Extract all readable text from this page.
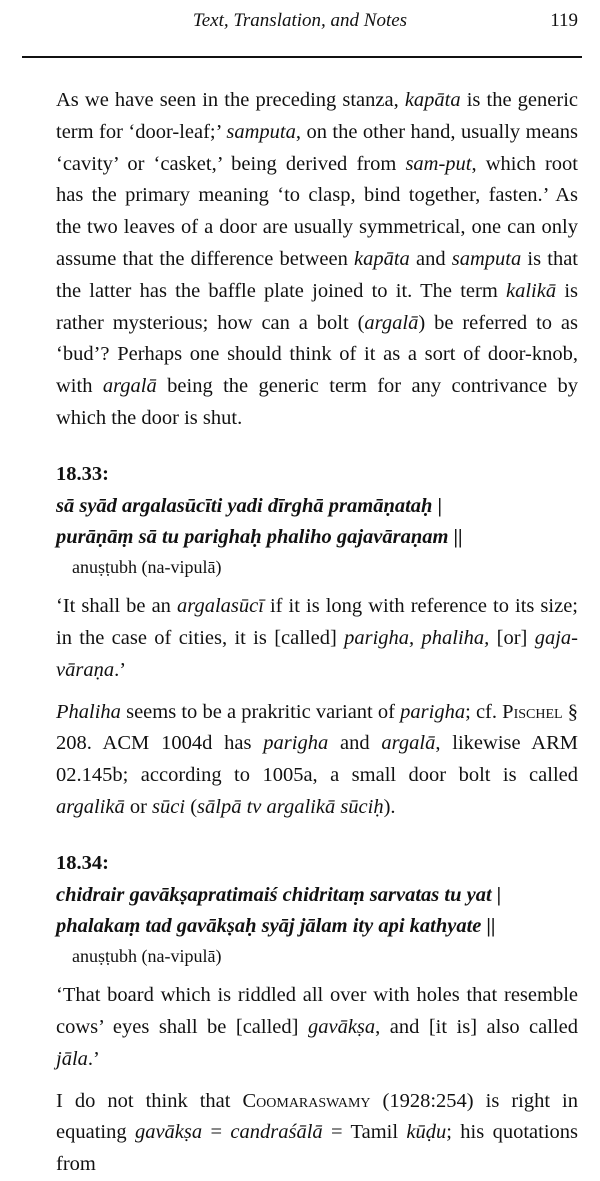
Text, Translation, and Notes	119

As we have seen in the preceding stanza, kapāta is the generic term for ‘door-leaf;’ samputa, on the other hand, usually means ‘cavity’ or ‘casket,’ being derived from sam-put, which root has the primary meaning ‘to clasp, bind together, fasten.’ As the two leaves of a door are usually symmetrical, one can only assume that the difference between kapāta and samputa is that the latter has the baffle plate joined to it. The term kalikā is rather mysterious; how can a bolt (argalā) be referred to as ‘bud’? Perhaps one should think of it as a sort of door-knob, with argalā being the generic term for any contrivance by which the door is shut.

18.33:

sā syād argalasūcīti yadi dīrghā pramāṇataḥ |

purāṇāṃ sā tu parighaḥ phaliho gajavāraṇam ||

anuṣṭubh (na-vipulā)

‘It shall be an argalasūcī if it is long with reference to its size; in the case of cities, it is [called] parigha, phaliha, [or] gaja-vāraṇa.’

Phaliha seems to be a prakritic variant of parigha; cf. Pischel § 208. ACM 1004d has parigha and argalā, likewise ARM 02.145b; according to 1005a, a small door bolt is called argalikā or sūci (sālpā tv argalikā sūciḥ).

18.34:

chidrair gavākṣapratimaiś chidritaṃ sarvatas tu yat |

phalakaṃ tad gavākṣaḥ syāj jālam ity api kathyate ||

anuṣṭubh (na-vipulā)

‘That board which is riddled all over with holes that resemble cows’ eyes shall be [called] gavākṣa, and [it is] also called jāla.’

I do not think that Coomaraswamy (1928:254) is right in equating gavākṣa = candraśālā = Tamil kūḍu; his quotations from
